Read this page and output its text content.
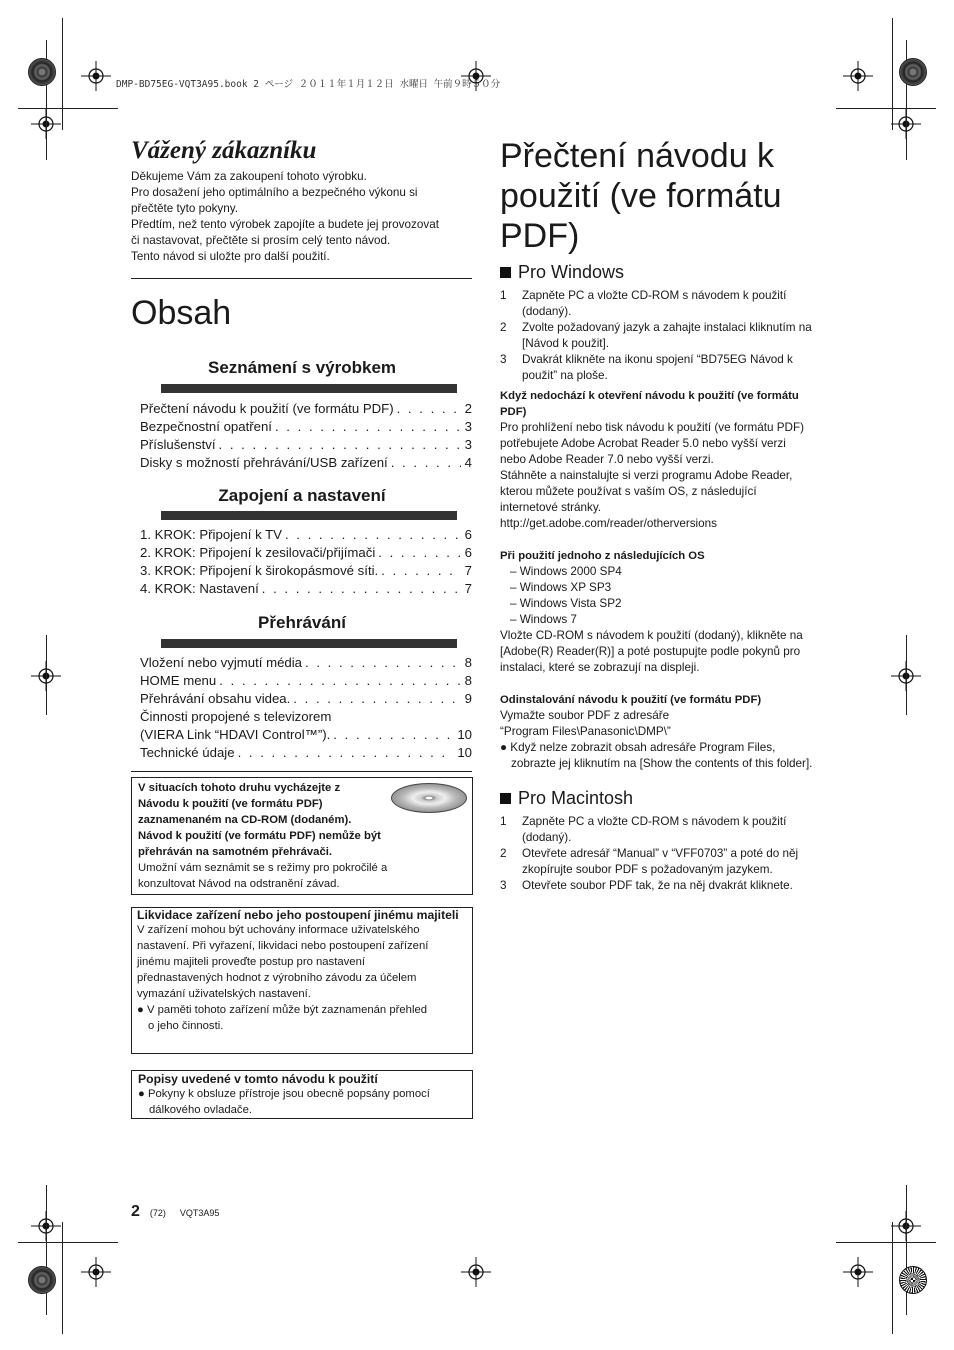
DMP-BD75EG-VQT3A95.book 2 ページ ２０１１年１月１２日 水曜日 午前９時５０分
Vážený zákazníku
Děkujeme Vám za zakoupení tohoto výrobku.
Pro dosažení jeho optimálního a bezpečného výkonu si
přečtěte tyto pokyny.
Předtím, než tento výrobek zapojíte a budete jej provozovat
či nastavovat, přečtěte si prosím celý tento návod.
Tento návod si uložte pro další použití.
Obsah
Seznámení s výrobkem
Přečtení návodu k použití (ve formátu PDF) . . .	2
Bezpečnostní opatření . . .	3
Příslušenství . . .	3
Disky s možností přehrávání/USB zařízení . . .	4
Zapojení a nastavení
1. KROK: Připojení k TV . . .	6
2. KROK: Připojení k zesilovači/přijímači . . .	6
3. KROK: Připojení k širokopásmové síti. . . .	7
4. KROK: Nastavení . . .	7
Přehrávání
Vložení nebo vyjmutí média . . .	8
HOME menu . . .	8
Přehrávání obsahu videa. . . .	9
Činnosti propojené s televizorem
(VIERA Link “HDAVI Control™”). . . .	10
Technické údaje . . .	10
V situacích tohoto druhu vycházejte z
Návodu k použití (ve formátu PDF)
zaznamenaném na CD-ROM (dodaném).
Návod k použití (ve formátu PDF) nemůže být
přehráván na samotném přehrávači.
Umožní vám seznámit se s režimy pro pokročilé a
konzultovat Návod na odstranění závad.
Likvidace zařízení nebo jeho postoupení jinému majiteli
V zařízení mohou být uchovány informace uživatelského
nastavení. Při vyřazení, likvidaci nebo postoupení zařízení
jinému majiteli proveďte postup pro nastavení
přednastavených hodnot z výrobního závodu za účelem
vymazání uživatelských nastavení.
● V paměti tohoto zařízení může být zaznamenán přehled
o jeho činnosti.
Popisy uvedené v tomto návodu k použití
● Pokyny k obsluze přístroje jsou obecně popsány pomocí
dálkového ovladače.
Přečtení návodu k
použití (ve formátu
PDF)
Pro Windows
1	Zapněte PC a vložte CD-ROM s návodem k použití
(dodaný).
2	Zvolte požadovaný jazyk a zahajte instalaci kliknutím na
[Návod k použit].
3	Dvakrát klikněte na ikonu spojení “BD75EG Návod k
použit” na ploše.
Když nedochází k otevření návodu k použití (ve formátu
PDF)
Pro prohlížení nebo tisk návodu k použití (ve formátu PDF)
potřebujete Adobe Acrobat Reader 5.0 nebo vyšší verzi
nebo Adobe Reader 7.0 nebo vyšší verzi.
Stáhněte a nainstalujte si verzi programu Adobe Reader,
kterou můžete používat s vaším OS, z následující
internetové stránky.
http://get.adobe.com/reader/otherversions
Při použití jednoho z následujících OS
– Windows 2000 SP4
– Windows XP SP3
– Windows Vista SP2
– Windows 7
Vložte CD-ROM s návodem k použití (dodaný), klikněte na
[Adobe(R) Reader(R)] a poté postupujte podle pokynů pro
instalaci, které se zobrazují na displeji.
Odinstalování návodu k použití (ve formátu PDF)
Vymažte soubor PDF z adresáře
“Program Files\Panasonic\DMP\”
● Když nelze zobrazit obsah adresáře Program Files,
zobrazte jej kliknutím na [Show the contents of this folder].
Pro Macintosh
1	Zapněte PC a vložte CD-ROM s návodem k použití
(dodaný).
2	Otevřete adresář “Manual” v “VFF0703” a poté do něj
zkopírujte soubor PDF s požadovaným jazykem.
3	Otevřete soubor PDF tak, že na něj dvakrát kliknete.
2 (72) VQT3A95
